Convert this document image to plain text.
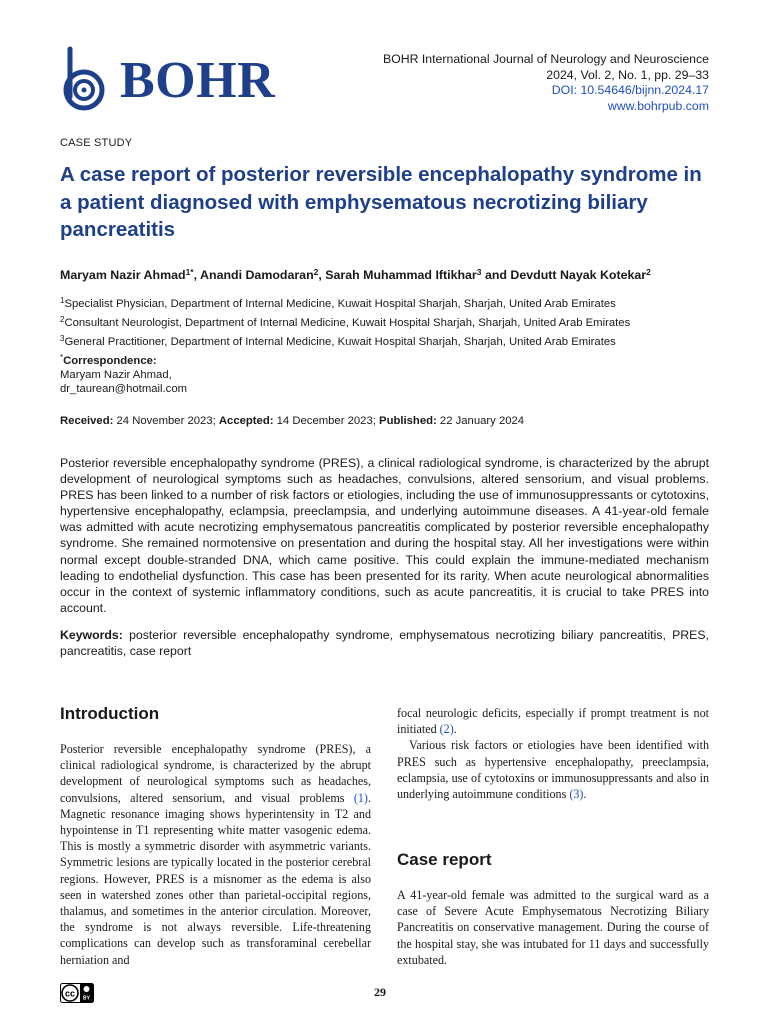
BOHR	BOHR International Journal of Neurology and Neuroscience
2024, Vol. 2, No. 1, pp. 29–33
DOI: 10.54646/bijnn.2024.17
www.bohrpub.com
CASE STUDY
A case report of posterior reversible encephalopathy syndrome in a patient diagnosed with emphysematous necrotizing biliary pancreatitis
Maryam Nazir Ahmad$^{1*}$, Anandi Damodaran$^2$, Sarah Muhammad Iftikhar$^3$ and Devdutt Nayak Kotekar$^2$
$^1$Specialist Physician, Department of Internal Medicine, Kuwait Hospital Sharjah, Sharjah, United Arab Emirates
$^2$Consultant Neurologist, Department of Internal Medicine, Kuwait Hospital Sharjah, Sharjah, United Arab Emirates
$^3$General Practitioner, Department of Internal Medicine, Kuwait Hospital Sharjah, Sharjah, United Arab Emirates
*Correspondence:
Maryam Nazir Ahmad,
dr_taurean@hotmail.com
Received: 24 November 2023; Accepted: 14 December 2023; Published: 22 January 2024
Posterior reversible encephalopathy syndrome (PRES), a clinical radiological syndrome, is characterized by the abrupt development of neurological symptoms such as headaches, convulsions, altered sensorium, and visual problems. PRES has been linked to a number of risk factors or etiologies, including the use of immunosuppressants or cytotoxins, hypertensive encephalopathy, eclampsia, preeclampsia, and underlying autoimmune diseases. A 41-year-old female was admitted with acute necrotizing emphysematous pancreatitis complicated by posterior reversible encephalopathy syndrome. She remained normotensive on presentation and during the hospital stay. All her investigations were within normal except double-stranded DNA, which came positive. This could explain the immune-mediated mechanism leading to endothelial dysfunction. This case has been presented for its rarity. When acute neurological abnormalities occur in the context of systemic inflammatory conditions, such as acute pancreatitis, it is crucial to take PRES into account.
Keywords: posterior reversible encephalopathy syndrome, emphysematous necrotizing biliary pancreatitis, PRES, pancreatitis, case report
Introduction

Posterior reversible encephalopathy syndrome (PRES), a clinical radiological syndrome, is characterized by the abrupt development of neurological symptoms such as headaches, convulsions, altered sensorium, and visual problems (1). Magnetic resonance imaging shows hyperintensity in T2 and hypointense in T1 representing white matter vasogenic edema. This is mostly a symmetric disorder with asymmetric variants. Symmetric lesions are typically located in the posterior cerebral regions. However, PRES is a misnomer as the edema is also seen in watershed zones other than parietal-occipital regions, thalamus, and sometimes in the anterior circulation. Moreover, the syndrome is not always reversible. Life-threatening complications can develop such as transforaminal cerebellar herniation and

focal neurologic deficits, especially if prompt treatment is not initiated (2).

Various risk factors or etiologies have been identified with PRES such as hypertensive encephalopathy, preeclampsia, eclampsia, use of cytotoxins or immunosuppressants and also in underlying autoimmune conditions (3).

Case report
A 41-year-old female was admitted to the surgical ward as a case of Severe Acute Emphysematous Necrotizing Biliary Pancreatitis on conservative management. During the course of the hospital stay, she was intubated for 11 days and successfully extubated.
cc
BY	29
